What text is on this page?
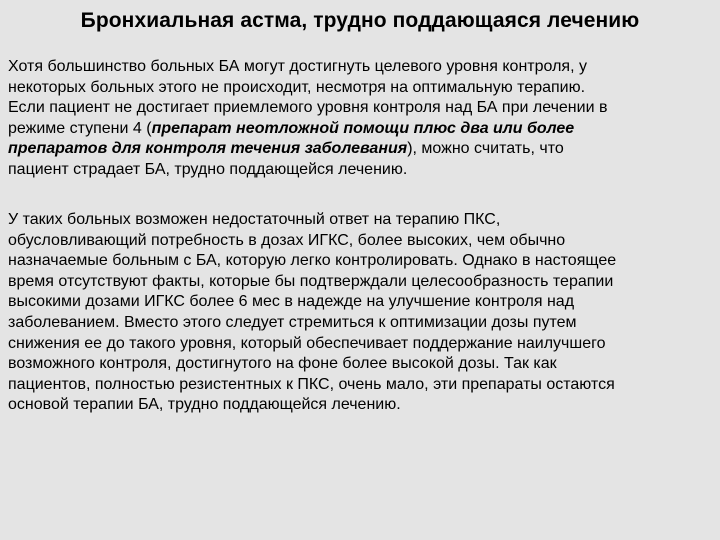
Бронхиальная астма, трудно поддающаяся лечению
Хотя большинство больных БА могут достигнуть целевого уровня контроля, у
некоторых больных этого не происходит, несмотря на оптимальную терапию.
Если пациент не достигает приемлемого уровня контроля над БА при лечении в
режиме ступени 4 (препарат неотложной помощи плюс два или более
препаратов для контроля течения заболевания), можно считать, что
пациент страдает БА, трудно поддающейся лечению.
У таких больных возможен недостаточный ответ на терапию ПКС,
обусловливающий потребность в дозах ИГКС, более высоких, чем обычно
назначаемые больным с БА, которую легко контролировать. Однако в настоящее
время отсутствуют факты, которые бы подтверждали целесообразность терапии
высокими дозами ИГКС более 6 мес в надежде на улучшение контроля над
заболеванием. Вместо этого следует стремиться к оптимизации дозы путем
снижения ее до такого уровня, который обеспечивает поддержание наилучшего
возможного контроля, достигнутого на фоне более высокой дозы. Так как
пациентов, полностью резистентных к ПКС, очень мало, эти препараты остаются
основой терапии БА, трудно поддающейся лечению.
